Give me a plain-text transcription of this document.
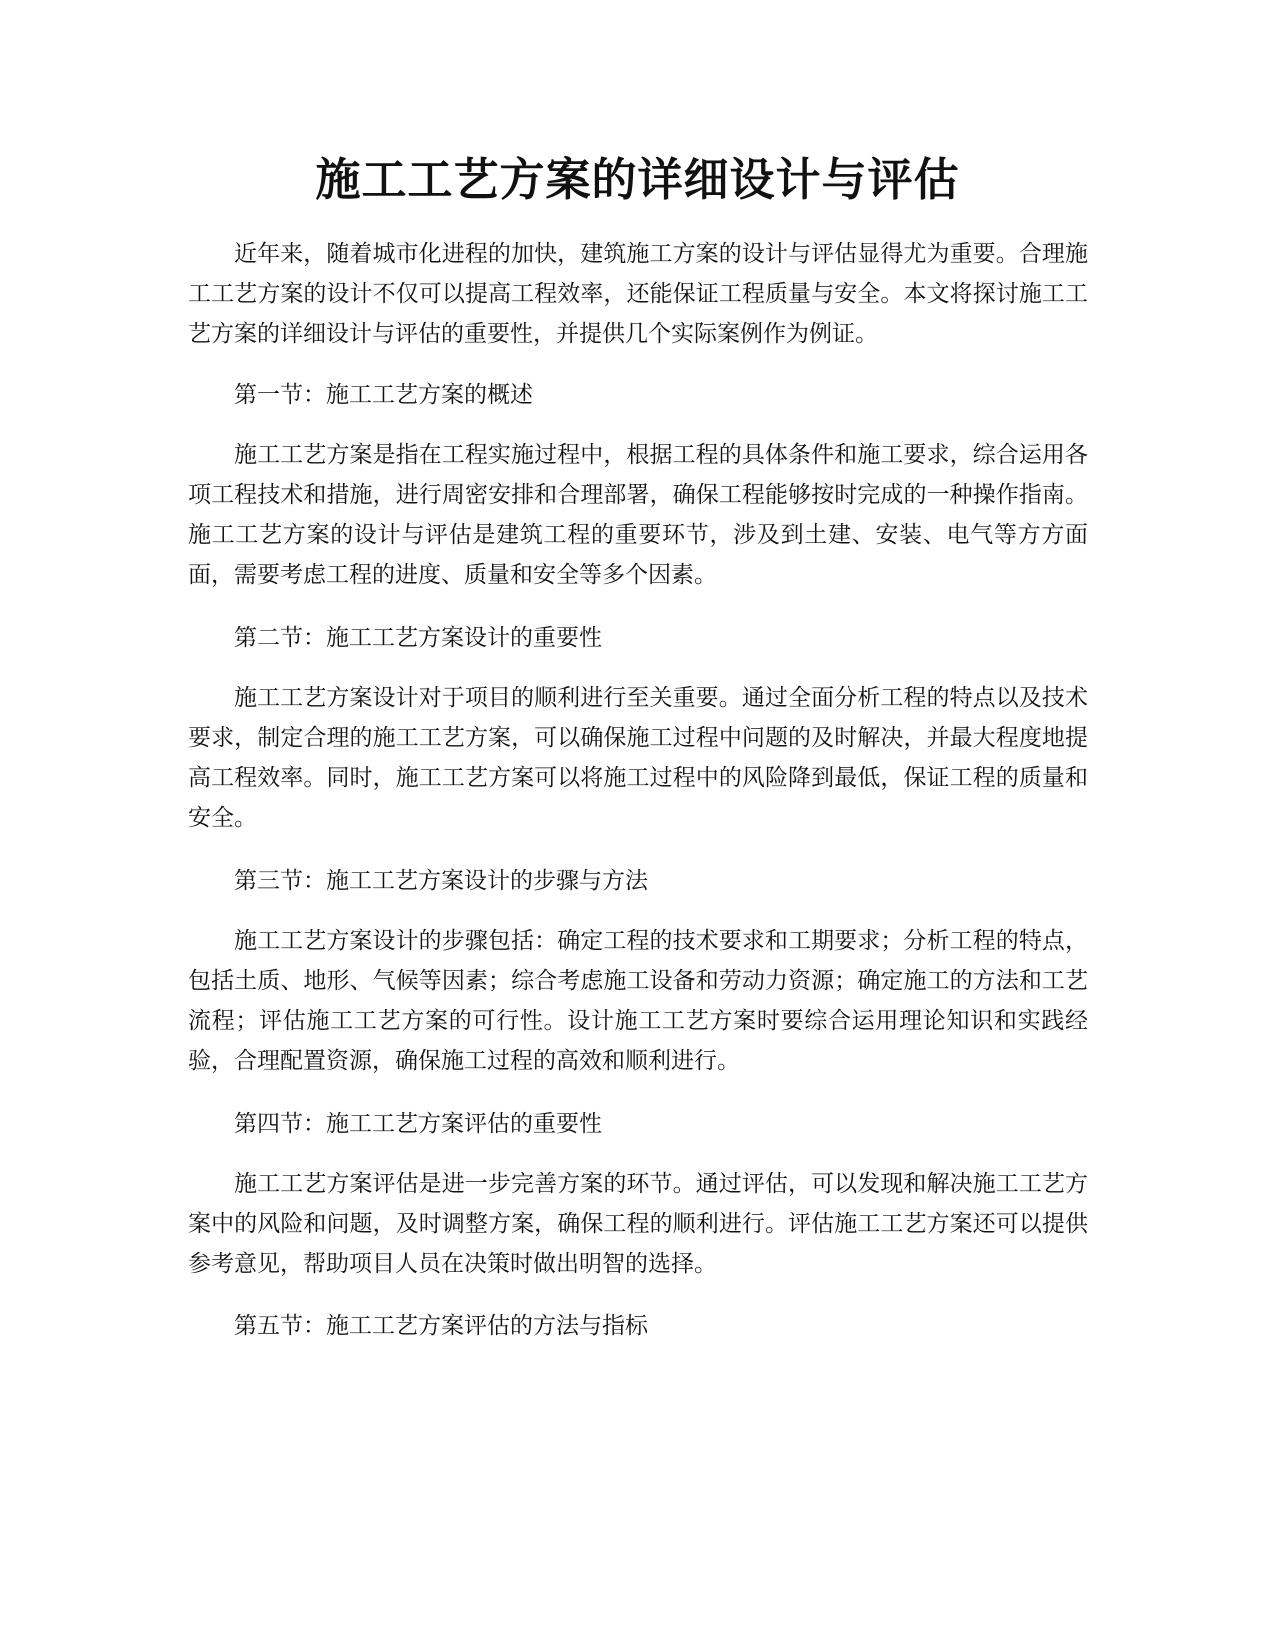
施工工艺方案的详细设计与评估

近年来，随着城市化进程的加快，建筑施工方案的设计与评估显得尤为重要。合理施工工艺方案的设计不仅可以提高工程效率，还能保证工程质量与安全。本文将探讨施工工艺方案的详细设计与评估的重要性，并提供几个实际案例作为例证。

第一节：施工工艺方案的概述

施工工艺方案是指在工程实施过程中，根据工程的具体条件和施工要求，综合运用各项工程技术和措施，进行周密安排和合理部署，确保工程能够按时完成的一种操作指南。施工工艺方案的设计与评估是建筑工程的重要环节，涉及到土建、安装、电气等方方面面，需要考虑工程的进度、质量和安全等多个因素。

第二节：施工工艺方案设计的重要性

施工工艺方案设计对于项目的顺利进行至关重要。通过全面分析工程的特点以及技术要求，制定合理的施工工艺方案，可以确保施工过程中问题的及时解决，并最大程度地提高工程效率。同时，施工工艺方案可以将施工过程中的风险降到最低，保证工程的质量和安全。

第三节：施工工艺方案设计的步骤与方法

施工工艺方案设计的步骤包括：确定工程的技术要求和工期要求；分析工程的特点，包括土质、地形、气候等因素；综合考虑施工设备和劳动力资源；确定施工的方法和工艺流程；评估施工工艺方案的可行性。设计施工工艺方案时要综合运用理论知识和实践经验，合理配置资源，确保施工过程的高效和顺利进行。

第四节：施工工艺方案评估的重要性

施工工艺方案评估是进一步完善方案的环节。通过评估，可以发现和解决施工工艺方案中的风险和问题，及时调整方案，确保工程的顺利进行。评估施工工艺方案还可以提供参考意见，帮助项目人员在决策时做出明智的选择。

第五节：施工工艺方案评估的方法与指标
